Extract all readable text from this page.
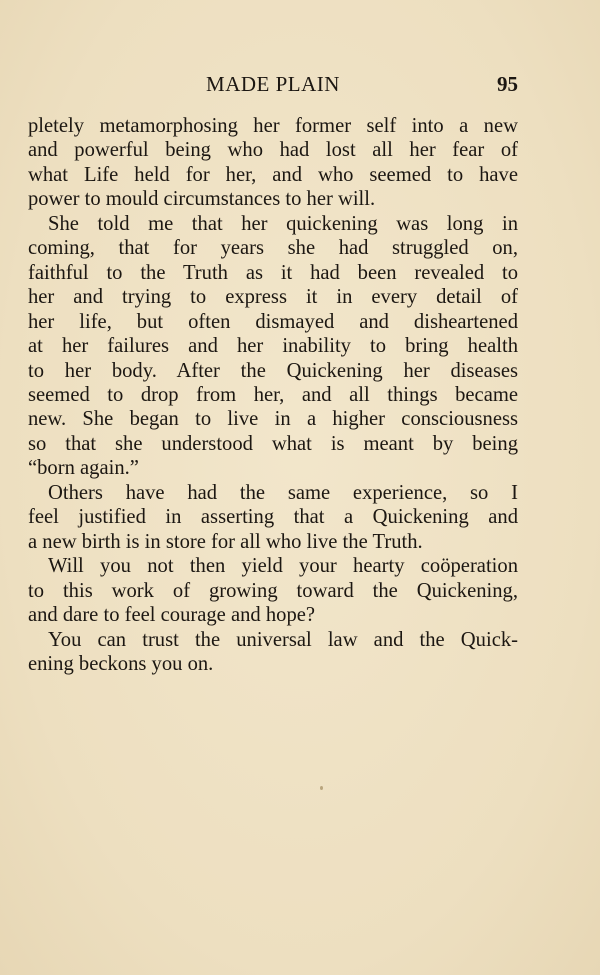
MADE PLAIN	95
pletely metamorphosing her former self into a new
and powerful being who had lost all her fear of
what Life held for her, and who seemed to have
power to mould circumstances to her will.
She told me that her quickening was long in
coming, that for years she had struggled on,
faithful to the Truth as it had been revealed to
her and trying to express it in every detail of
her life, but often dismayed and disheartened
at her failures and her inability to bring health
to her body. After the Quickening her diseases
seemed to drop from her, and all things became
new. She began to live in a higher consciousness
so that she understood what is meant by being
“born again.”
Others have had the same experience, so I
feel justified in asserting that a Quickening and
a new birth is in store for all who live the Truth.
Will you not then yield your hearty coöperation
to this work of growing toward the Quickening,
and dare to feel courage and hope?
You can trust the universal law and the Quick-
ening beckons you on.
